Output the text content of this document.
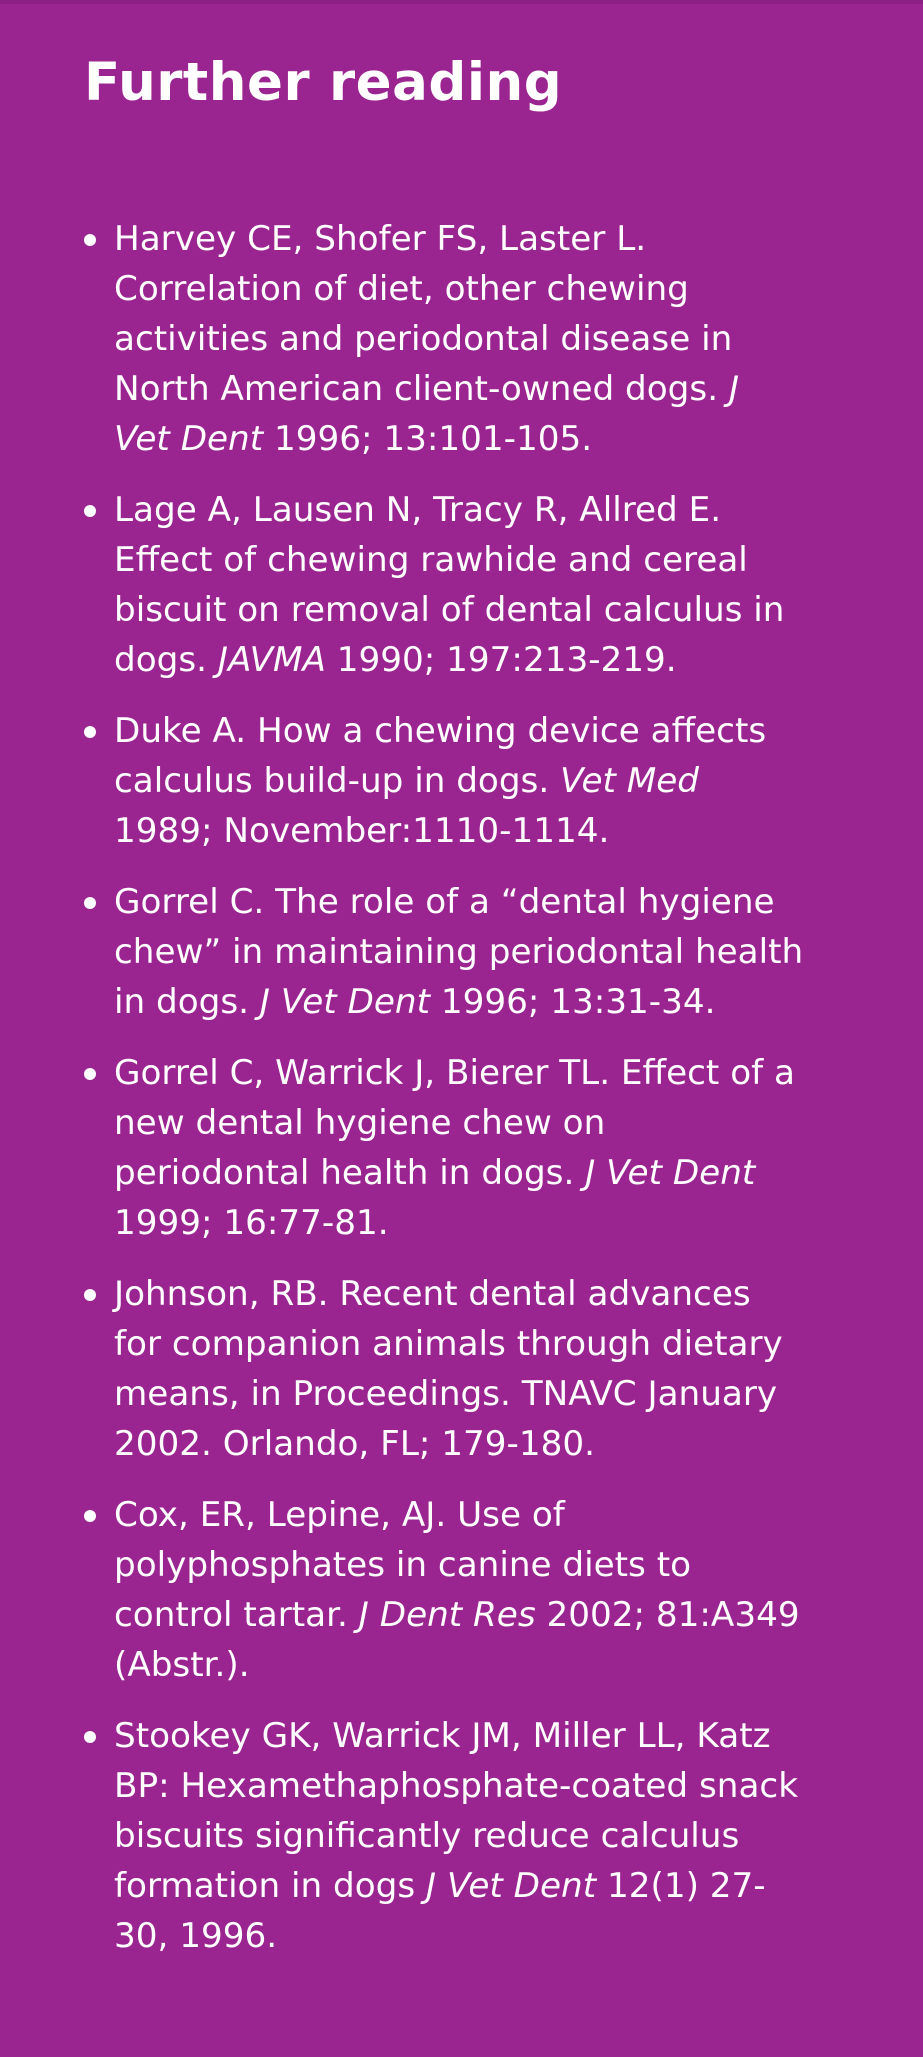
Further reading
Harvey CE, Shofer FS, Laster L. Correlation of diet, other chewing activities and periodontal disease in North American client-owned dogs. J Vet Dent 1996; 13:101-105.
Lage A, Lausen N, Tracy R, Allred E. Effect of chewing rawhide and cereal biscuit on removal of dental calculus in dogs. JAVMA 1990; 197:213-219.
Duke A. How a chewing device affects calculus build-up in dogs. Vet Med 1989; November:1110-1114.
Gorrel C. The role of a “dental hygiene chew” in maintaining periodontal health in dogs. J Vet Dent 1996; 13:31-34.
Gorrel C, Warrick J, Bierer TL. Effect of a new dental hygiene chew on periodontal health in dogs. J Vet Dent 1999; 16:77-81.
Johnson, RB. Recent dental advances for companion animals through dietary means, in Proceedings. TNAVC January 2002. Orlando, FL; 179-180.
Cox, ER, Lepine, AJ. Use of polyphosphates in canine diets to control tartar. J Dent Res 2002; 81:A349 (Abstr.).
Stookey GK, Warrick JM, Miller LL, Katz BP: Hexamethaphosphate-coated snack biscuits significantly reduce calculus formation in dogs J Vet Dent 12(1) 27-30, 1996.
